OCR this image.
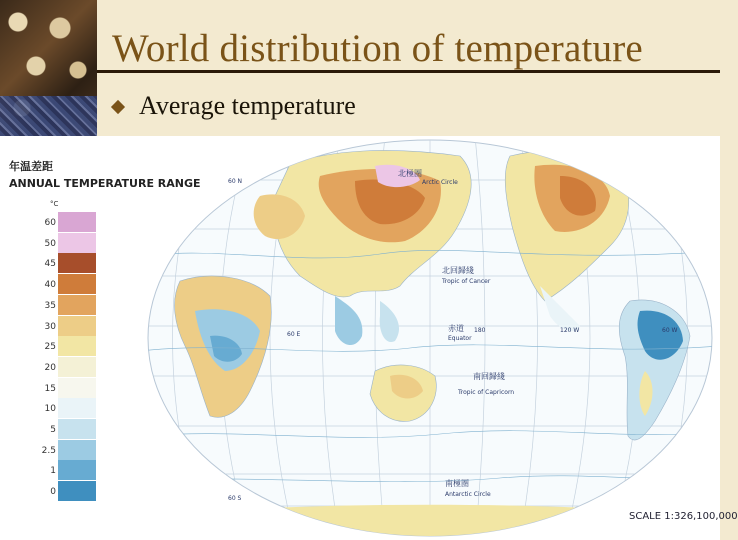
World distribution of temperature
Average temperature
年温差距
ANNUAL TEMPERATURE RANGE
°C
60
50
45
40
35
30
25
20
15
10
5
2.5
1
0
北極圏
Arctic Circle
北回歸綫
Tropic of Cancer
赤道
Equator
南回歸綫
Tropic of Capricorn
南極圏
Antarctic Circle
60 N
60 S
60 E
180	120 W	60 W
SCALE 1:326,100,000
